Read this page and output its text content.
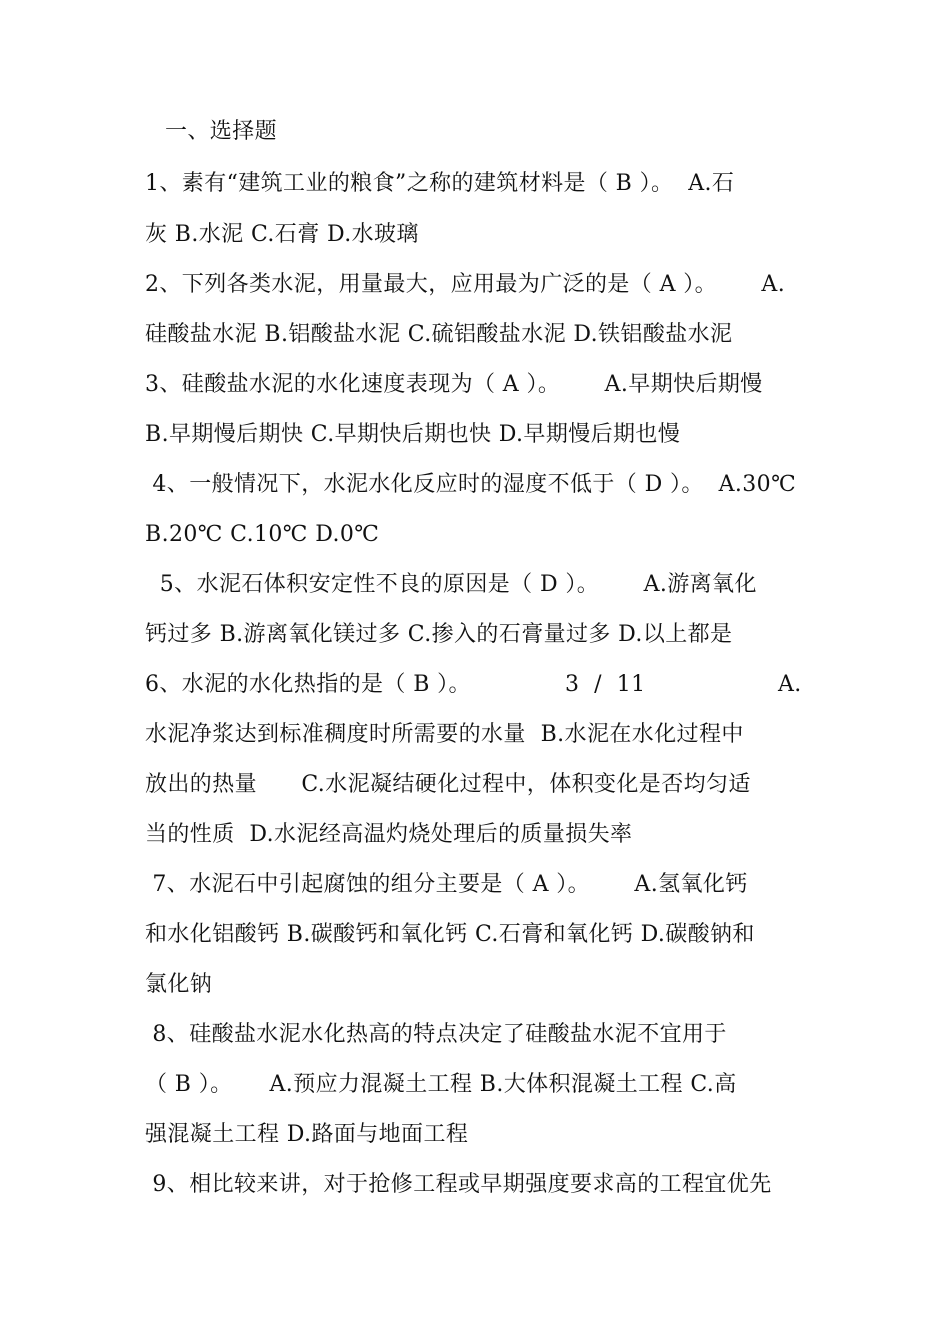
一、选择题
1、素有“建筑工业的粮食”之称的建筑材料是（ B ）。  A.石
灰 B.水泥 C.石膏 D.水玻璃
2、下列各类水泥，用量最大，应用最为广泛的是（ A ）。      A.
硅酸盐水泥 B.铝酸盐水泥 C.硫铝酸盐水泥 D.铁铝酸盐水泥
3、硅酸盐水泥的水化速度表现为（ A ）。      A.早期快后期慢
B.早期慢后期快 C.早期快后期也快 D.早期慢后期也慢
4、一般情况下，水泥水化反应时的湿度不低于（ D ）。  A.30℃
B.20℃ C.10℃ D.0℃
5、水泥石体积安定性不良的原因是（ D ）。      A.游离氧化
钙过多 B.游离氧化镁过多 C.掺入的石膏量过多 D.以上都是
6、水泥的水化热指的是（ B ）。	3  /  11	A.
水泥净浆达到标准稠度时所需要的水量  B.水泥在水化过程中
放出的热量      C.水泥凝结硬化过程中，体积变化是否均匀适
当的性质  D.水泥经高温灼烧处理后的质量损失率
7、水泥石中引起腐蚀的组分主要是（ A ）。      A.氢氧化钙
和水化铝酸钙 B.碳酸钙和氧化钙 C.石膏和氧化钙 D.碳酸钠和
氯化钠
8、硅酸盐水泥水化热高的特点决定了硅酸盐水泥不宜用于
（ B ）。     A.预应力混凝土工程 B.大体积混凝土工程 C.高
强混凝土工程 D.路面与地面工程
9、相比较来讲，对于抢修工程或早期强度要求高的工程宜优先
